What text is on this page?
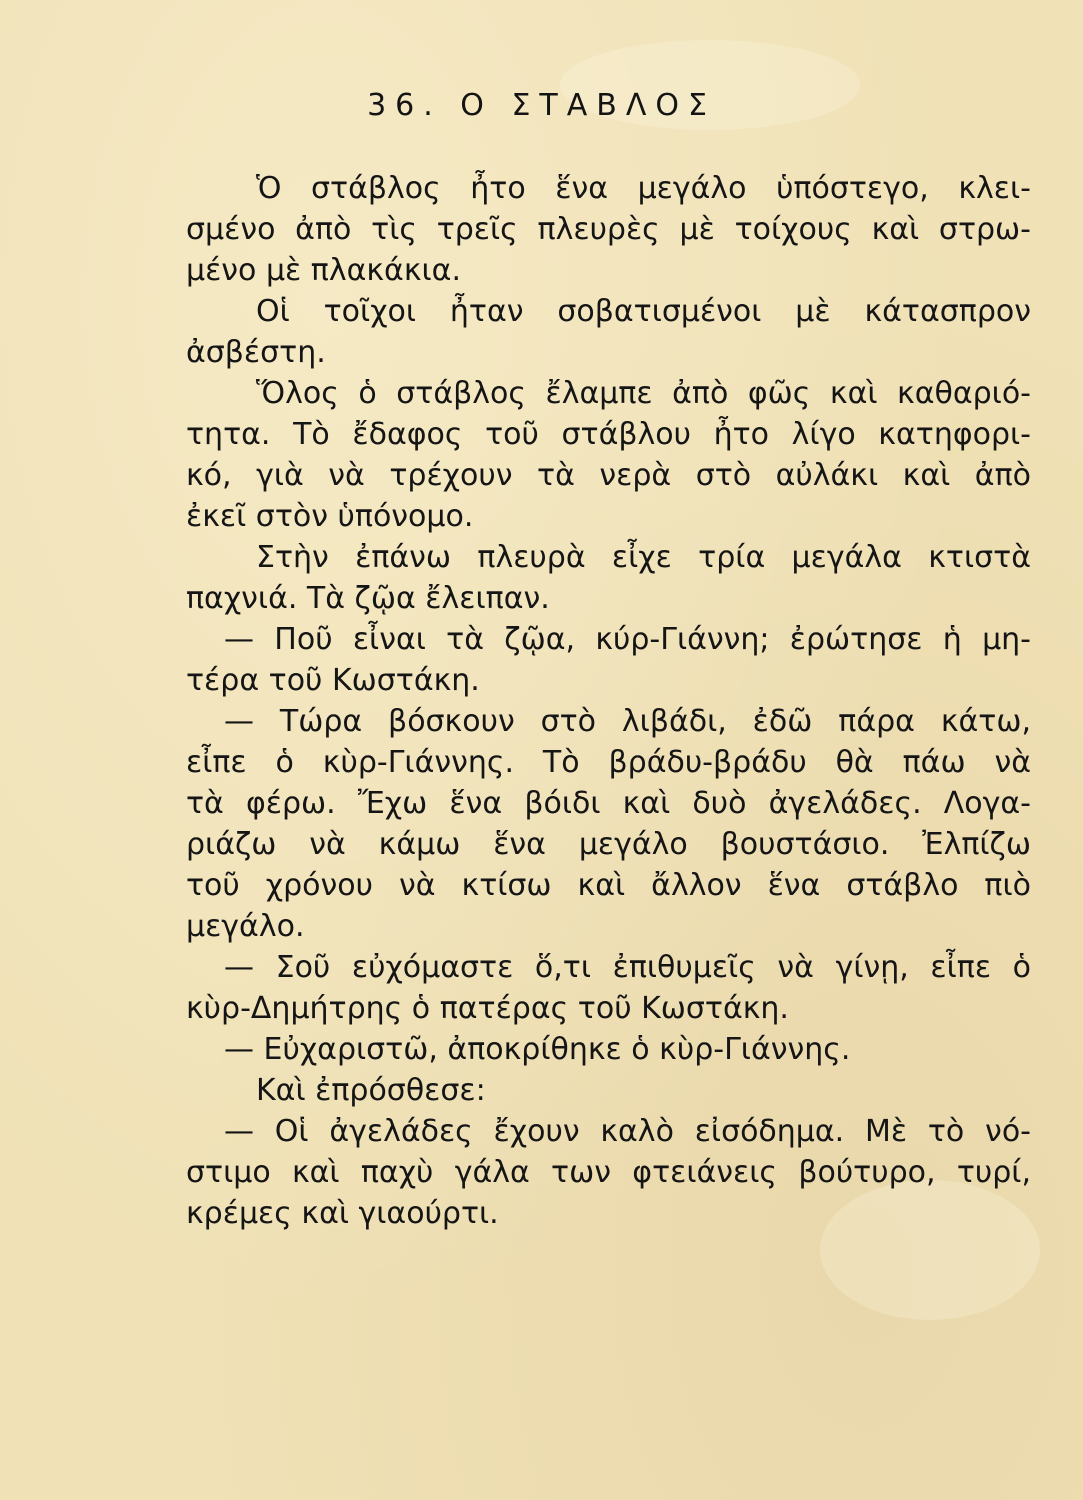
36. Ο ΣΤΑΒΛΟΣ
Ὁ στάβλος ἦτο ἕνα μεγάλο ὑπόστεγο, κλει-
σμένο ἀπὸ τὶς τρεῖς πλευρὲς μὲ τοίχους καὶ στρω-
μένο μὲ πλακάκια.
Οἱ τοῖχοι ἦταν σοβατισμένοι μὲ κάτασπρον
ἀσβέστη.
Ὅλος ὁ στάβλος ἔλαμπε ἀπὸ φῶς καὶ καθαριό-
τητα. Τὸ ἔδαφος τοῦ στάβλου ἦτο λίγο κατηφορι-
κό, γιὰ νὰ τρέχουν τὰ νερὰ στὸ αὐλάκι καὶ ἀπὸ
ἐκεῖ στὸν ὑπόνομο.
Στὴν ἐπάνω πλευρὰ εἶχε τρία μεγάλα κτιστὰ
παχνιά. Τὰ ζῷα ἔλειπαν.
— Ποῦ εἶναι τὰ ζῷα, κύρ-Γιάννη; ἐρώτησε ἡ μη-
τέρα τοῦ Κωστάκη.
— Τώρα βόσκουν στὸ λιβάδι, ἐδῶ πάρα κάτω,
εἶπε ὁ κὺρ-Γιάννης. Τὸ βράδυ-βράδυ θὰ πάω νὰ
τὰ φέρω. Ἔχω ἕνα βόιδι καὶ δυὸ ἀγελάδες. Λογα-
ριάζω νὰ κάμω ἕνα μεγάλο βουστάσιο. Ἐλπίζω
τοῦ χρόνου νὰ κτίσω καὶ ἄλλον ἕνα στάβλο πιὸ
μεγάλο.
— Σοῦ εὐχόμαστε ὅ,τι ἐπιθυμεῖς νὰ γίνῃ, εἶπε ὁ
κὺρ-Δημήτρης ὁ πατέρας τοῦ Κωστάκη.
— Εὐχαριστῶ, ἀποκρίθηκε ὁ κὺρ-Γιάννης.
Καὶ ἐπρόσθεσε:
— Οἱ ἀγελάδες ἔχουν καλὸ εἰσόδημα. Μὲ τὸ νό-
στιμο καὶ παχὺ γάλα των φτειάνεις βούτυρο, τυρί,
κρέμες καὶ γιαούρτι.
